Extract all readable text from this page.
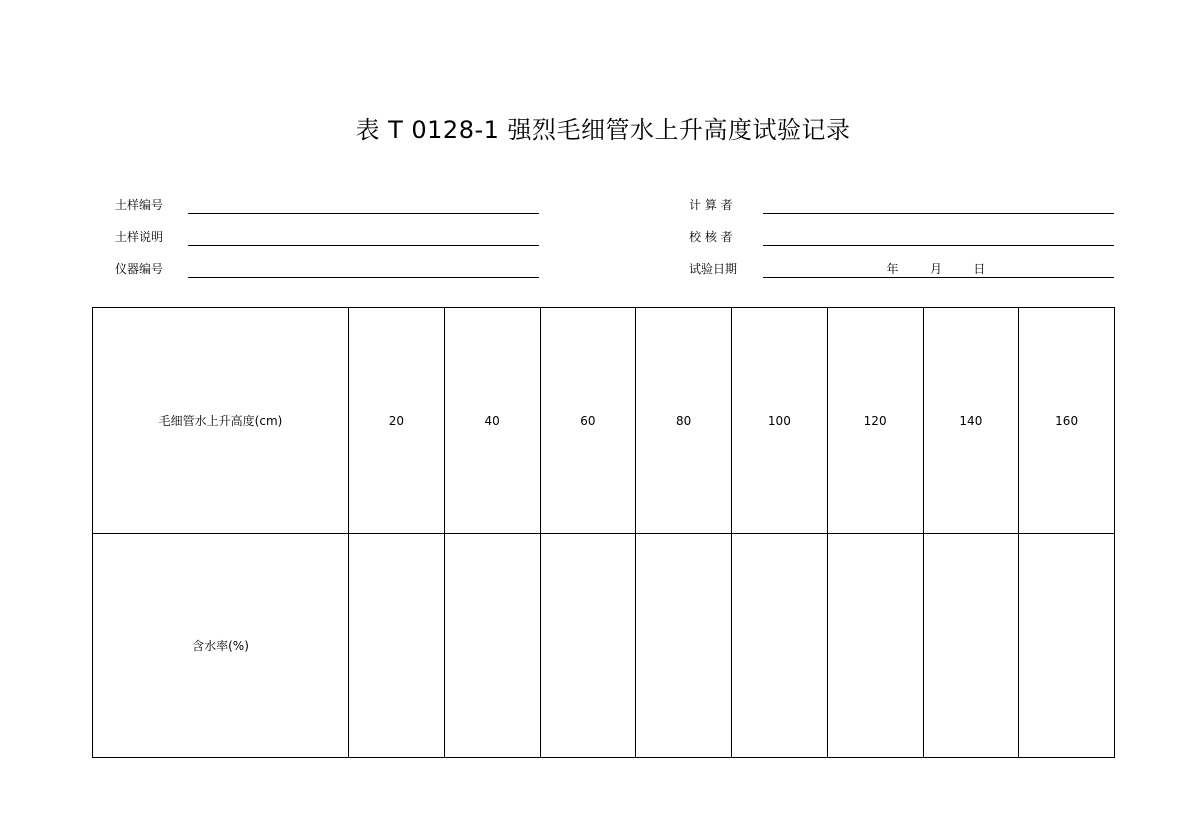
表 T 0128-1 强烈毛细管水上升高度试验记录
土样编号
土样说明
仪器编号
计 算 者
校 核 者
试验日期	年   月   日
毛细管水上升高度(cm)	20	40	60	80	100	120	140	160
含水率(%)								
